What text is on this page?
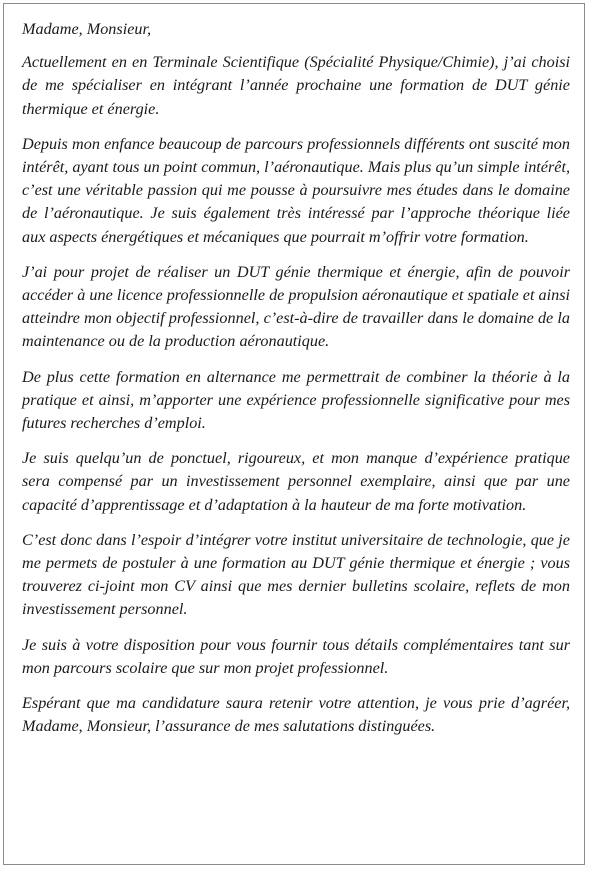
Madame, Monsieur,

Actuellement en en Terminale Scientifique (Spécialité Physique/Chimie), j’ai choisi de me spécialiser en intégrant l’année prochaine une formation de DUT génie thermique et énergie.

Depuis mon enfance beaucoup de parcours professionnels différents ont suscité mon intérêt, ayant tous un point commun, l’aéronautique. Mais plus qu’un simple intérêt, c’est une véritable passion qui me pousse à poursuivre mes études dans le domaine de l’aéronautique. Je suis également très intéressé par l’approche théorique liée aux aspects énergétiques et mécaniques que pourrait m’offrir votre formation.

J’ai pour projet de réaliser un DUT génie thermique et énergie, afin de pouvoir accéder à une licence professionnelle de propulsion aéronautique et spatiale et ainsi atteindre mon objectif professionnel, c’est-à-dire de travailler dans le domaine de la maintenance ou de la production aéronautique.

De plus cette formation en alternance me permettrait de combiner la théorie à la pratique et ainsi, m’apporter une expérience professionnelle significative pour mes futures recherches d’emploi.

Je suis quelqu’un de ponctuel, rigoureux, et mon manque d’expérience pratique sera compensé par un investissement personnel exemplaire, ainsi que par une capacité d’apprentissage et d’adaptation à la hauteur de ma forte motivation.

C’est donc dans l’espoir d’intégrer votre institut universitaire de technologie, que je me permets de postuler à une formation au DUT génie thermique et énergie ; vous trouverez ci-joint mon CV ainsi que mes dernier bulletins scolaire, reflets de mon investissement personnel.

Je suis à votre disposition pour vous fournir tous détails complémentaires tant sur mon parcours scolaire que sur mon projet professionnel.

Espérant que ma candidature saura retenir votre attention, je vous prie d’agréer, Madame, Monsieur, l’assurance de mes salutations distinguées.
